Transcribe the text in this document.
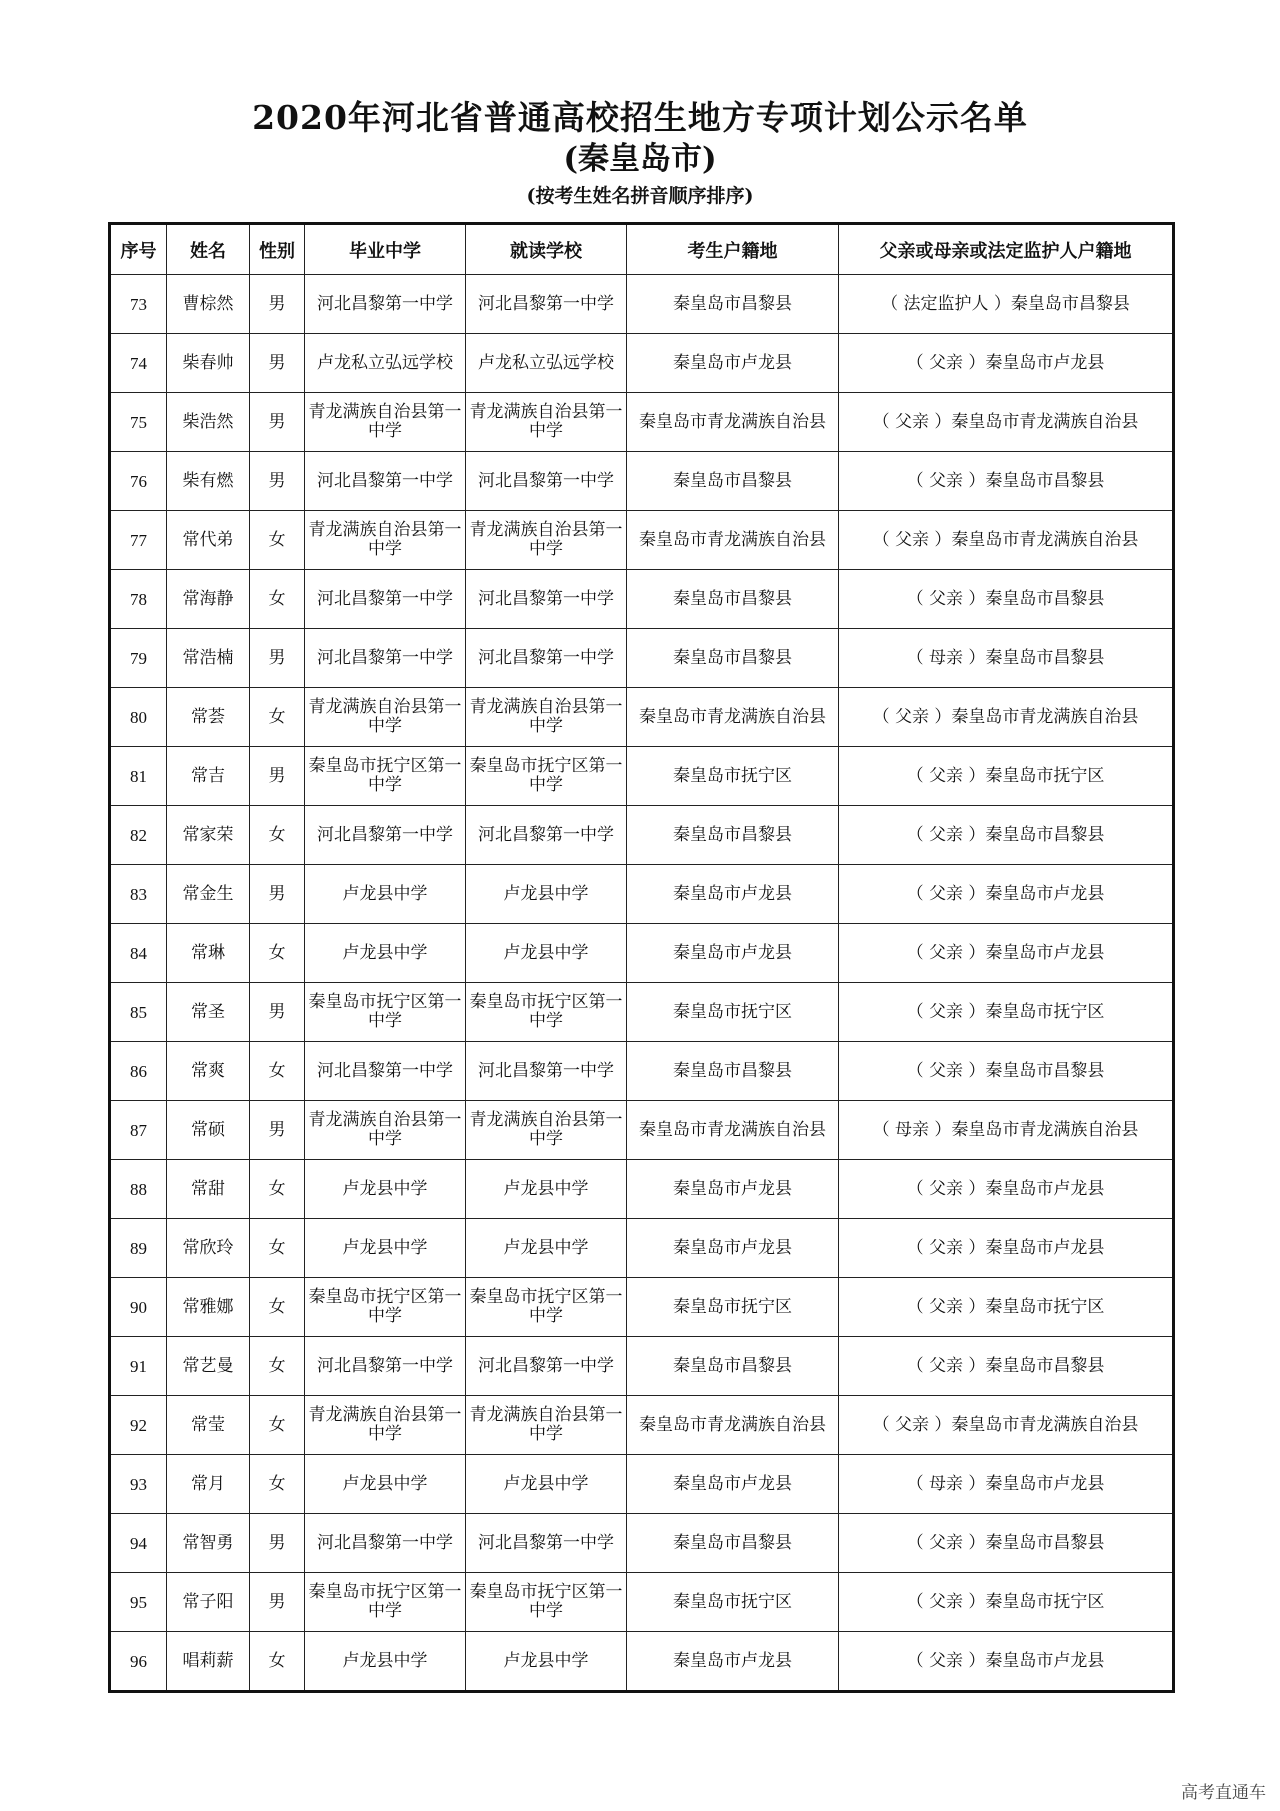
2020年河北省普通高校招生地方专项计划公示名单
(秦皇岛市)
(按考生姓名拼音顺序排序)
序号	姓名	性别	毕业中学	就读学校	考生户籍地	父亲或母亲或法定监护人户籍地
73	曹棕然	男	河北昌黎第一中学	河北昌黎第一中学	秦皇岛市昌黎县	（ 法定监护人 ）秦皇岛市昌黎县
74	柴春帅	男	卢龙私立弘远学校	卢龙私立弘远学校	秦皇岛市卢龙县	（ 父亲 ）秦皇岛市卢龙县
75	柴浩然	男	青龙满族自治县第一中学	青龙满族自治县第一中学	秦皇岛市青龙满族自治县	（ 父亲 ）秦皇岛市青龙满族自治县
76	柴有燃	男	河北昌黎第一中学	河北昌黎第一中学	秦皇岛市昌黎县	（ 父亲 ）秦皇岛市昌黎县
77	常代弟	女	青龙满族自治县第一中学	青龙满族自治县第一中学	秦皇岛市青龙满族自治县	（ 父亲 ）秦皇岛市青龙满族自治县
78	常海静	女	河北昌黎第一中学	河北昌黎第一中学	秦皇岛市昌黎县	（ 父亲 ）秦皇岛市昌黎县
79	常浩楠	男	河北昌黎第一中学	河北昌黎第一中学	秦皇岛市昌黎县	（ 母亲 ）秦皇岛市昌黎县
80	常荟	女	青龙满族自治县第一中学	青龙满族自治县第一中学	秦皇岛市青龙满族自治县	（ 父亲 ）秦皇岛市青龙满族自治县
81	常吉	男	秦皇岛市抚宁区第一中学	秦皇岛市抚宁区第一中学	秦皇岛市抚宁区	（ 父亲 ）秦皇岛市抚宁区
82	常家荣	女	河北昌黎第一中学	河北昌黎第一中学	秦皇岛市昌黎县	（ 父亲 ）秦皇岛市昌黎县
83	常金生	男	卢龙县中学	卢龙县中学	秦皇岛市卢龙县	（ 父亲 ）秦皇岛市卢龙县
84	常琳	女	卢龙县中学	卢龙县中学	秦皇岛市卢龙县	（ 父亲 ）秦皇岛市卢龙县
85	常圣	男	秦皇岛市抚宁区第一中学	秦皇岛市抚宁区第一中学	秦皇岛市抚宁区	（ 父亲 ）秦皇岛市抚宁区
86	常爽	女	河北昌黎第一中学	河北昌黎第一中学	秦皇岛市昌黎县	（ 父亲 ）秦皇岛市昌黎县
87	常硕	男	青龙满族自治县第一中学	青龙满族自治县第一中学	秦皇岛市青龙满族自治县	（ 母亲 ）秦皇岛市青龙满族自治县
88	常甜	女	卢龙县中学	卢龙县中学	秦皇岛市卢龙县	（ 父亲 ）秦皇岛市卢龙县
89	常欣玲	女	卢龙县中学	卢龙县中学	秦皇岛市卢龙县	（ 父亲 ）秦皇岛市卢龙县
90	常雅娜	女	秦皇岛市抚宁区第一中学	秦皇岛市抚宁区第一中学	秦皇岛市抚宁区	（ 父亲 ）秦皇岛市抚宁区
91	常艺曼	女	河北昌黎第一中学	河北昌黎第一中学	秦皇岛市昌黎县	（ 父亲 ）秦皇岛市昌黎县
92	常莹	女	青龙满族自治县第一中学	青龙满族自治县第一中学	秦皇岛市青龙满族自治县	（ 父亲 ）秦皇岛市青龙满族自治县
93	常月	女	卢龙县中学	卢龙县中学	秦皇岛市卢龙县	（ 母亲 ）秦皇岛市卢龙县
94	常智勇	男	河北昌黎第一中学	河北昌黎第一中学	秦皇岛市昌黎县	（ 父亲 ）秦皇岛市昌黎县
95	常子阳	男	秦皇岛市抚宁区第一中学	秦皇岛市抚宁区第一中学	秦皇岛市抚宁区	（ 父亲 ）秦皇岛市抚宁区
96	唱莉薪	女	卢龙县中学	卢龙县中学	秦皇岛市卢龙县	（ 父亲 ）秦皇岛市卢龙县
高考直通车
